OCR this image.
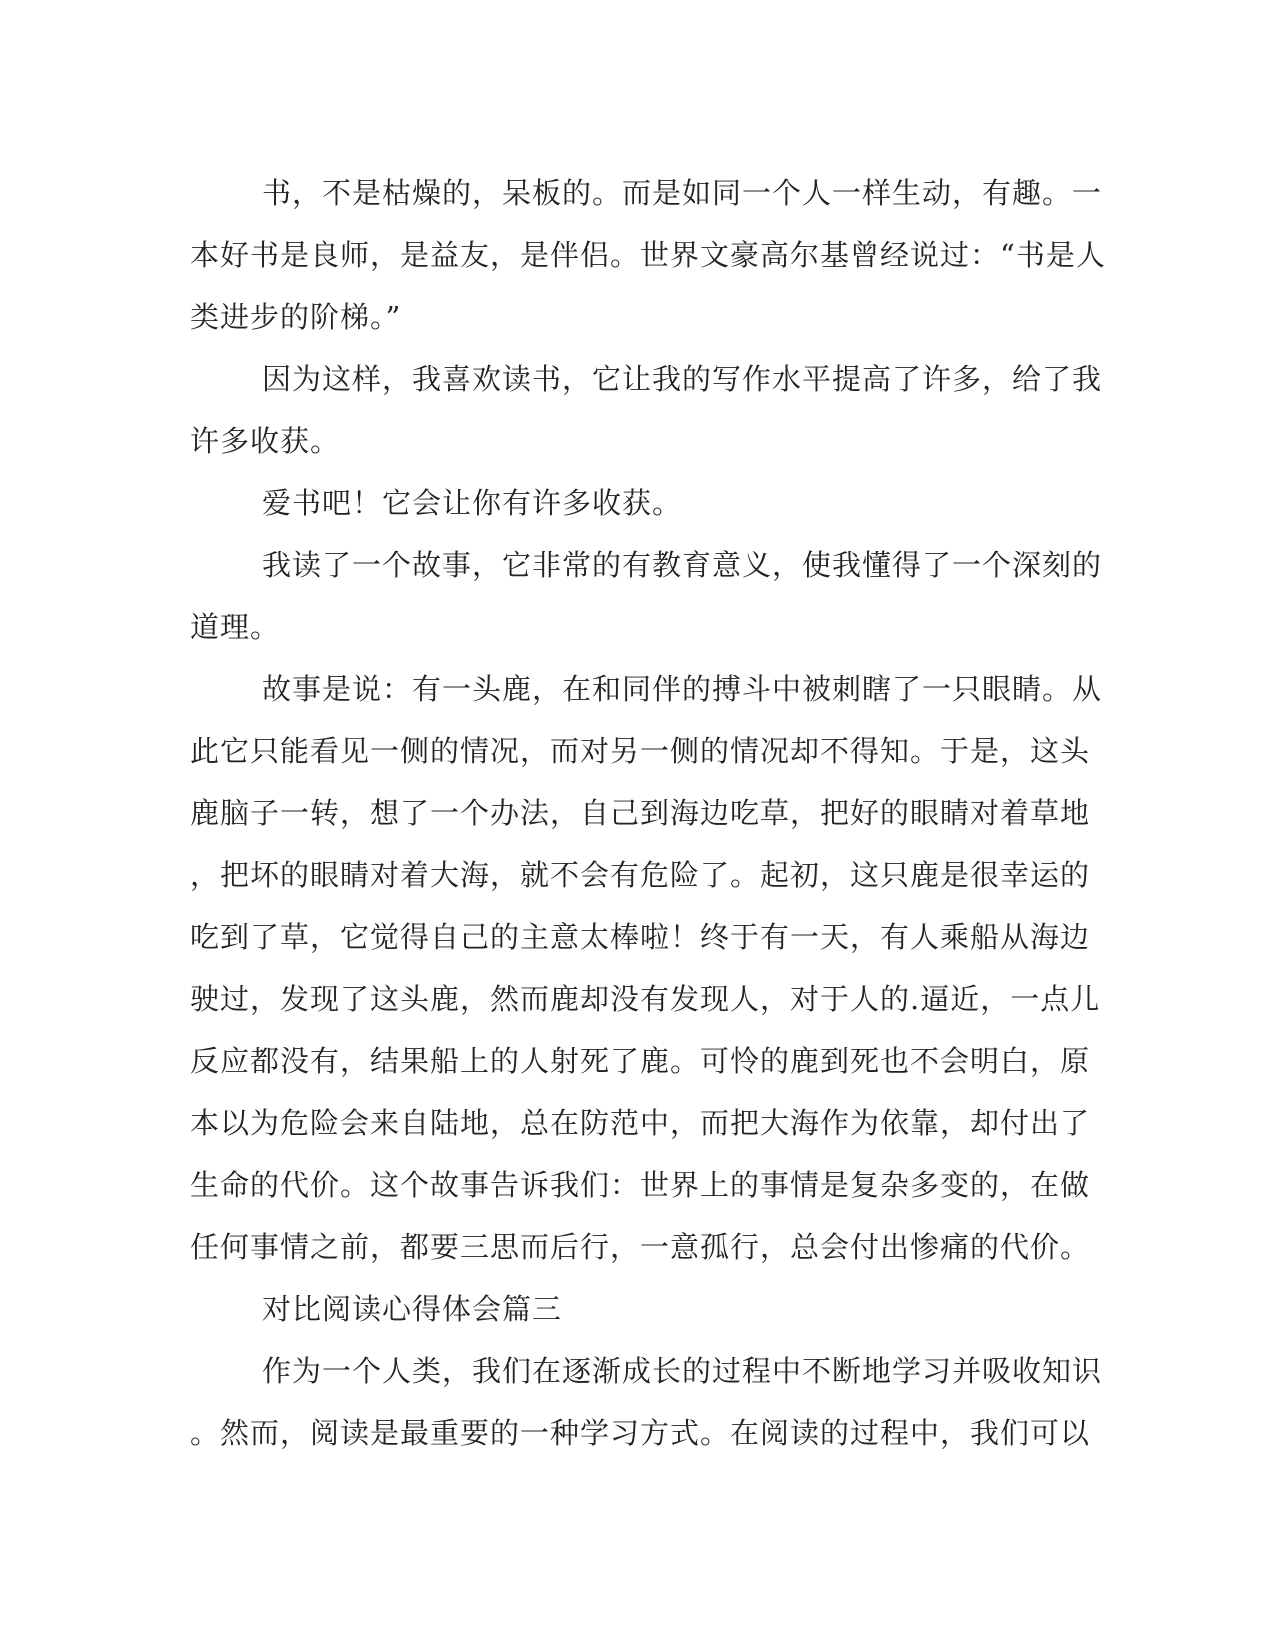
书，不是枯燥的，呆板的。而是如同一个人一样生动，有趣。一
本好书是良师，是益友，是伴侣。世界文豪高尔基曾经说过：“书是人
类进步的阶梯。”
因为这样，我喜欢读书，它让我的写作水平提高了许多，给了我
许多收获。
爱书吧！它会让你有许多收获。
我读了一个故事，它非常的有教育意义，使我懂得了一个深刻的
道理。
故事是说：有一头鹿，在和同伴的搏斗中被刺瞎了一只眼睛。从
此它只能看见一侧的情况，而对另一侧的情况却不得知。于是，这头
鹿脑子一转，想了一个办法，自己到海边吃草，把好的眼睛对着草地
，把坏的眼睛对着大海，就不会有危险了。起初，这只鹿是很幸运的
吃到了草，它觉得自己的主意太棒啦！终于有一天，有人乘船从海边
驶过，发现了这头鹿，然而鹿却没有发现人，对于人的.逼近，一点儿
反应都没有，结果船上的人射死了鹿。可怜的鹿到死也不会明白，原
本以为危险会来自陆地，总在防范中，而把大海作为依靠，却付出了
生命的代价。这个故事告诉我们：世界上的事情是复杂多变的，在做
任何事情之前，都要三思而后行，一意孤行，总会付出惨痛的代价。
对比阅读心得体会篇三
作为一个人类，我们在逐渐成长的过程中不断地学习并吸收知识
。然而，阅读是最重要的一种学习方式。在阅读的过程中，我们可以
